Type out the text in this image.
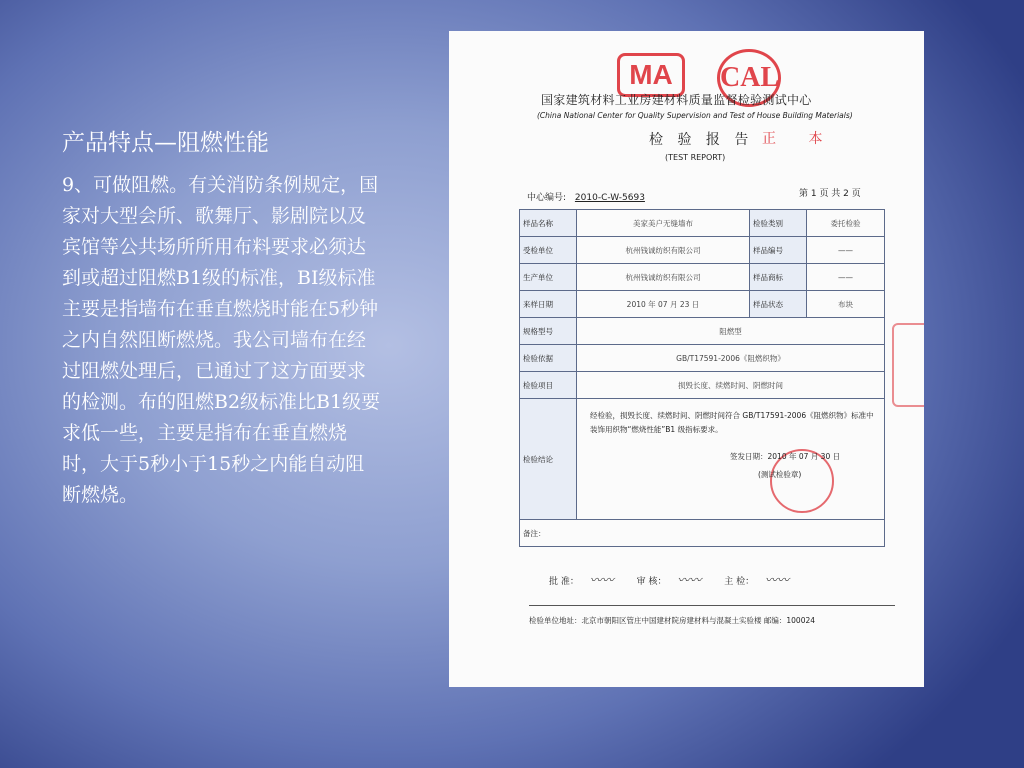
产品特点—阻燃性能

9、可做阻燃。有关消防条例规定，国家对大型会所、歌舞厅、影剧院以及宾馆等公共场所所用布料要求必须达到或超过阻燃B1级的标准，BI级标准主要是指墙布在垂直燃烧时能在5秒钟之内自然阻断燃烧。我公司墙布在经过阻燃处理后，已通过了这方面要求的检测。布的阻燃B2级标准比B1级要求低一些，主要是指布在垂直燃烧时，大于5秒小于15秒之内能自动阻断燃烧。

MA	CAL
国家建筑材料工业房建材料质量监督检验测试中心
(China National Center for Quality Supervision and Test of House Building Materials)
检 验 报 告 正 本
(TEST REPORT)
中心编号: 2010-C-W-5693	第 1 页 共 2 页
样品名称	美家美户无缝墙布	检验类别	委托检验
受检单位	杭州钱诚纺织有限公司	样品编号	——
生产单位	杭州钱诚纺织有限公司	样品商标	——
来样日期	2010 年 07 月 23 日	样品状态	布块
规格型号	阻燃型		
检验依据	GB/T17591-2006《阻燃织物》		
检验项目	损毁长度、续燃时间、阴燃时间		
检验结论	经检验，损毁长度、续燃时间、阴燃时间符合 GB/T17591-2006《阻燃织物》标准中装饰用织物“燃烧性能”B1 级指标要求。
签发日期：2010 年 07 月 30 日
(测试检验章)		

备注：			
批 准： 〰〰	审 核： 〰〰	主 检： 〰〰
检验单位地址：北京市朝阳区管庄中国建材院房建材料与混凝土实验楼 邮编：100024
